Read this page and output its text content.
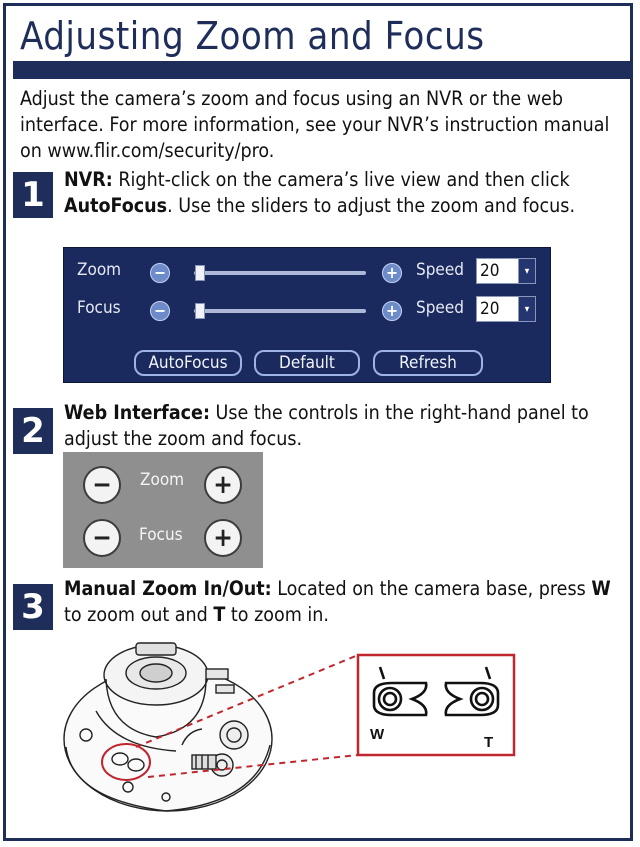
Adjusting Zoom and Focus
Adjust the camera’s zoom and focus using an NVR or the web interface. For more information, see your NVR’s instruction manual on www.flir.com/security/pro.
1 NVR: Right-click on the camera’s live view and then click AutoFocus. Use the sliders to adjust the zoom and focus.
Zoom −	+ Speed 20	▾
Focus −	+ Speed 20	▾
AutoFocus	Default	Refresh
2 Web Interface: Use the controls in the right-hand panel to adjust the zoom and focus.
−	Zoom	+
−	Focus	+
3 Manual Zoom In/Out: Located on the camera base, press W to zoom out and T to zoom in.
W	T
